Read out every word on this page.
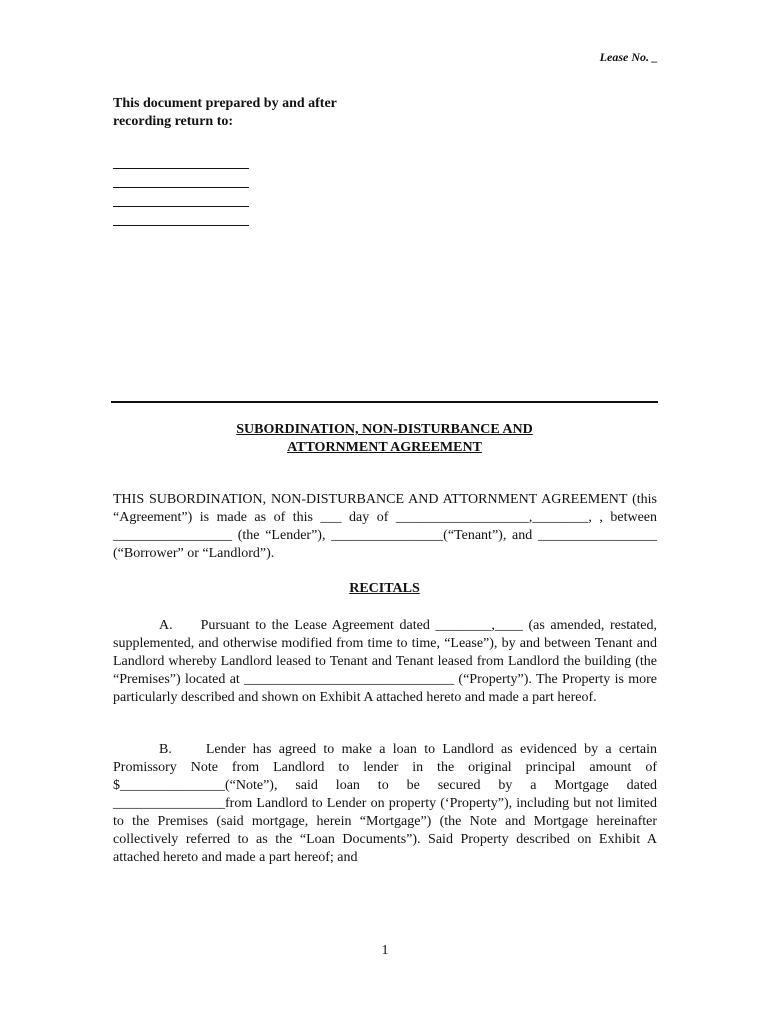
Lease No. _
This document prepared by and after
recording return to:
SUBORDINATION, NON-DISTURBANCE AND
ATTORNMENT AGREEMENT
THIS SUBORDINATION, NON-DISTURBANCE AND ATTORNMENT AGREEMENT (this “Agreement”) is made as of this ___ day of ___________________,________, , between _________________ (the “Lender”), ________________(“Tenant”), and _________________ (“Borrower” or “Landlord”).
RECITALS
A. Pursuant to the Lease Agreement dated ________,____ (as amended, restated, supplemented, and otherwise modified from time to time, “Lease”), by and between Tenant and Landlord whereby Landlord leased to Tenant and Tenant leased from Landlord the building (the “Premises”) located at ______________________________ (“Property”). The Property is more particularly described and shown on Exhibit A attached hereto and made a part hereof.
B. Lender has agreed to make a loan to Landlord as evidenced by a certain Promissory Note from Landlord to lender in the original principal amount of $_______________(“Note”), said loan to be secured by a Mortgage dated ________________from Landlord to Lender on property (‘Property”), including but not limited to the Premises (said mortgage, herein “Mortgage”) (the Note and Mortgage hereinafter collectively referred to as the “Loan Documents”). Said Property described on Exhibit A attached hereto and made a part hereof; and
1
